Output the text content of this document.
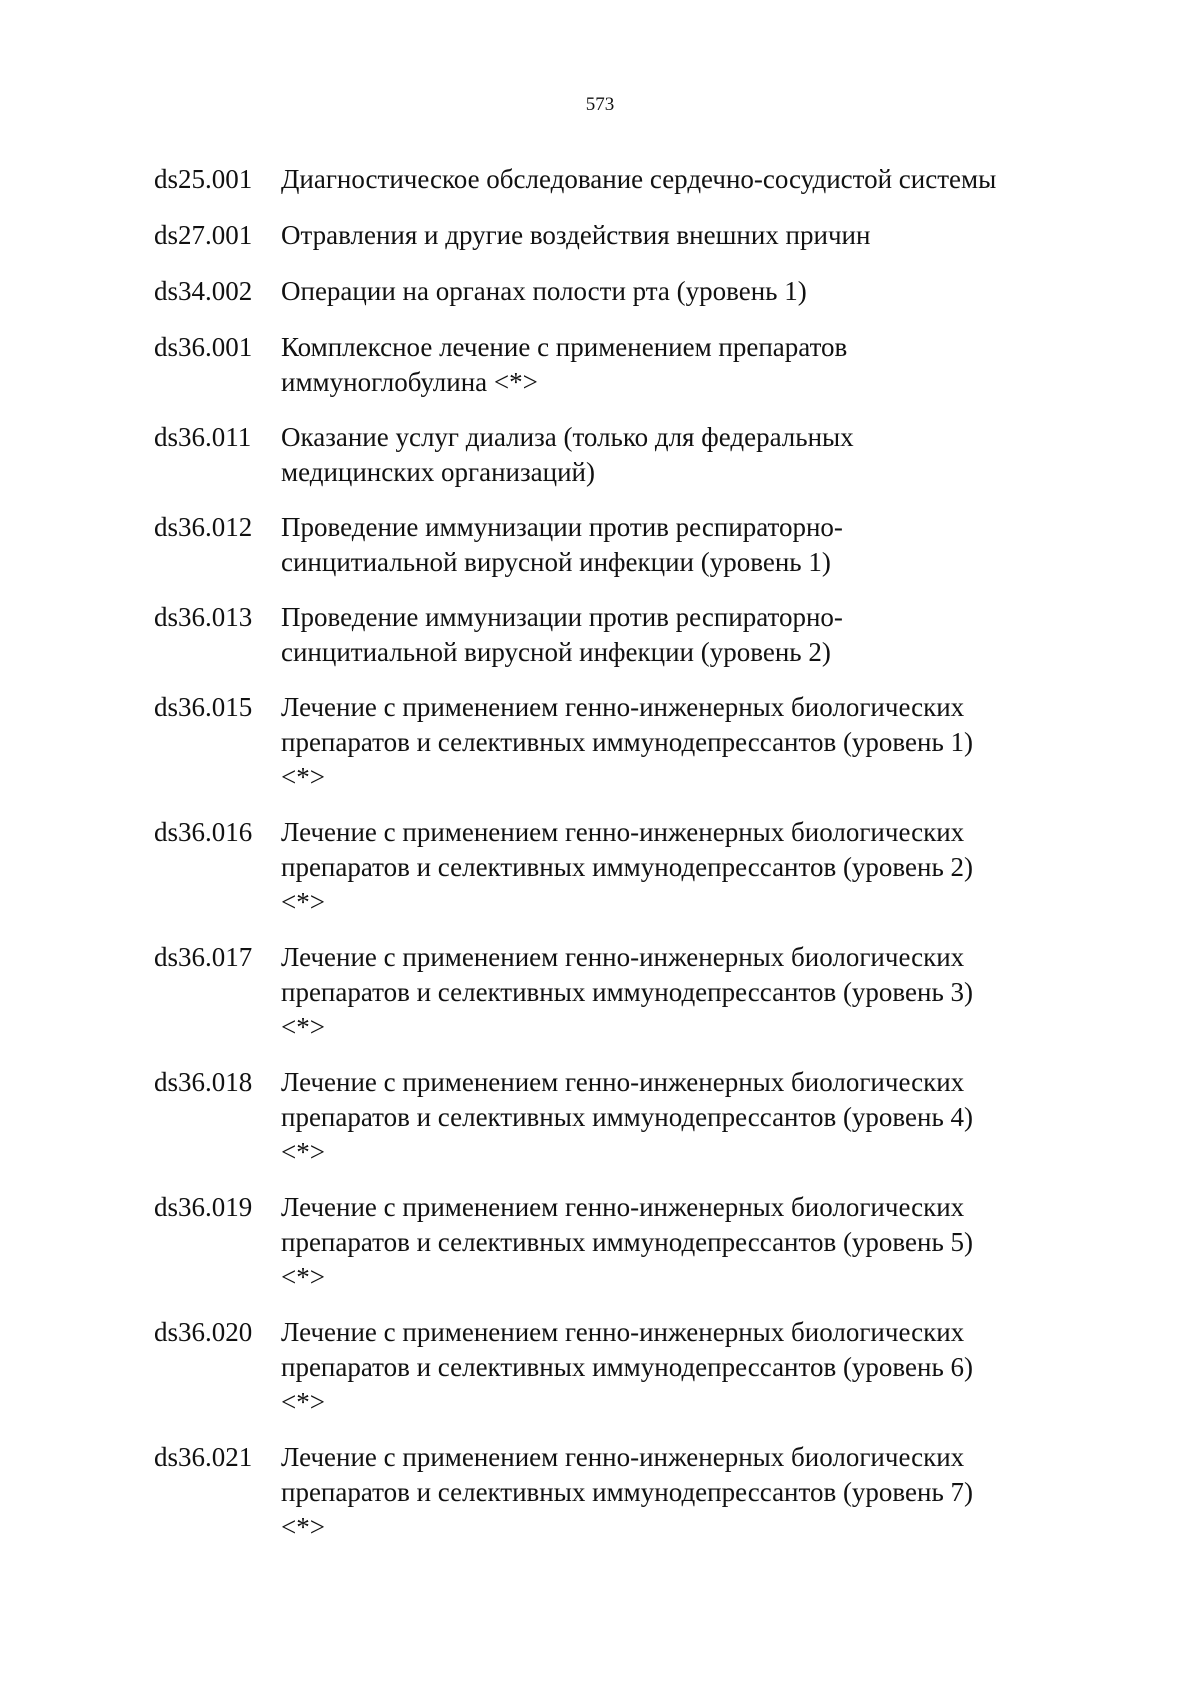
573
ds25.001 Диагностическое обследование сердечно-сосудистой системы
ds27.001 Отравления и другие воздействия внешних причин
ds34.002 Операции на органах полости рта (уровень 1)
ds36.001 Комплексное лечение с применением препаратов
иммуноглобулина <*>
ds36.011 Оказание услуг диализа (только для федеральных
медицинских организаций)
ds36.012 Проведение иммунизации против респираторно-
синцитиальной вирусной инфекции (уровень 1)
ds36.013 Проведение иммунизации против респираторно-
синцитиальной вирусной инфекции (уровень 2)
ds36.015 Лечение с применением генно-инженерных биологических
препаратов и селективных иммунодепрессантов (уровень 1)
<*>
ds36.016 Лечение с применением генно-инженерных биологических
препаратов и селективных иммунодепрессантов (уровень 2)
<*>
ds36.017 Лечение с применением генно-инженерных биологических
препаратов и селективных иммунодепрессантов (уровень 3)
<*>
ds36.018 Лечение с применением генно-инженерных биологических
препаратов и селективных иммунодепрессантов (уровень 4)
<*>
ds36.019 Лечение с применением генно-инженерных биологических
препаратов и селективных иммунодепрессантов (уровень 5)
<*>
ds36.020 Лечение с применением генно-инженерных биологических
препаратов и селективных иммунодепрессантов (уровень 6)
<*>
ds36.021 Лечение с применением генно-инженерных биологических
препаратов и селективных иммунодепрессантов (уровень 7)
<*>
